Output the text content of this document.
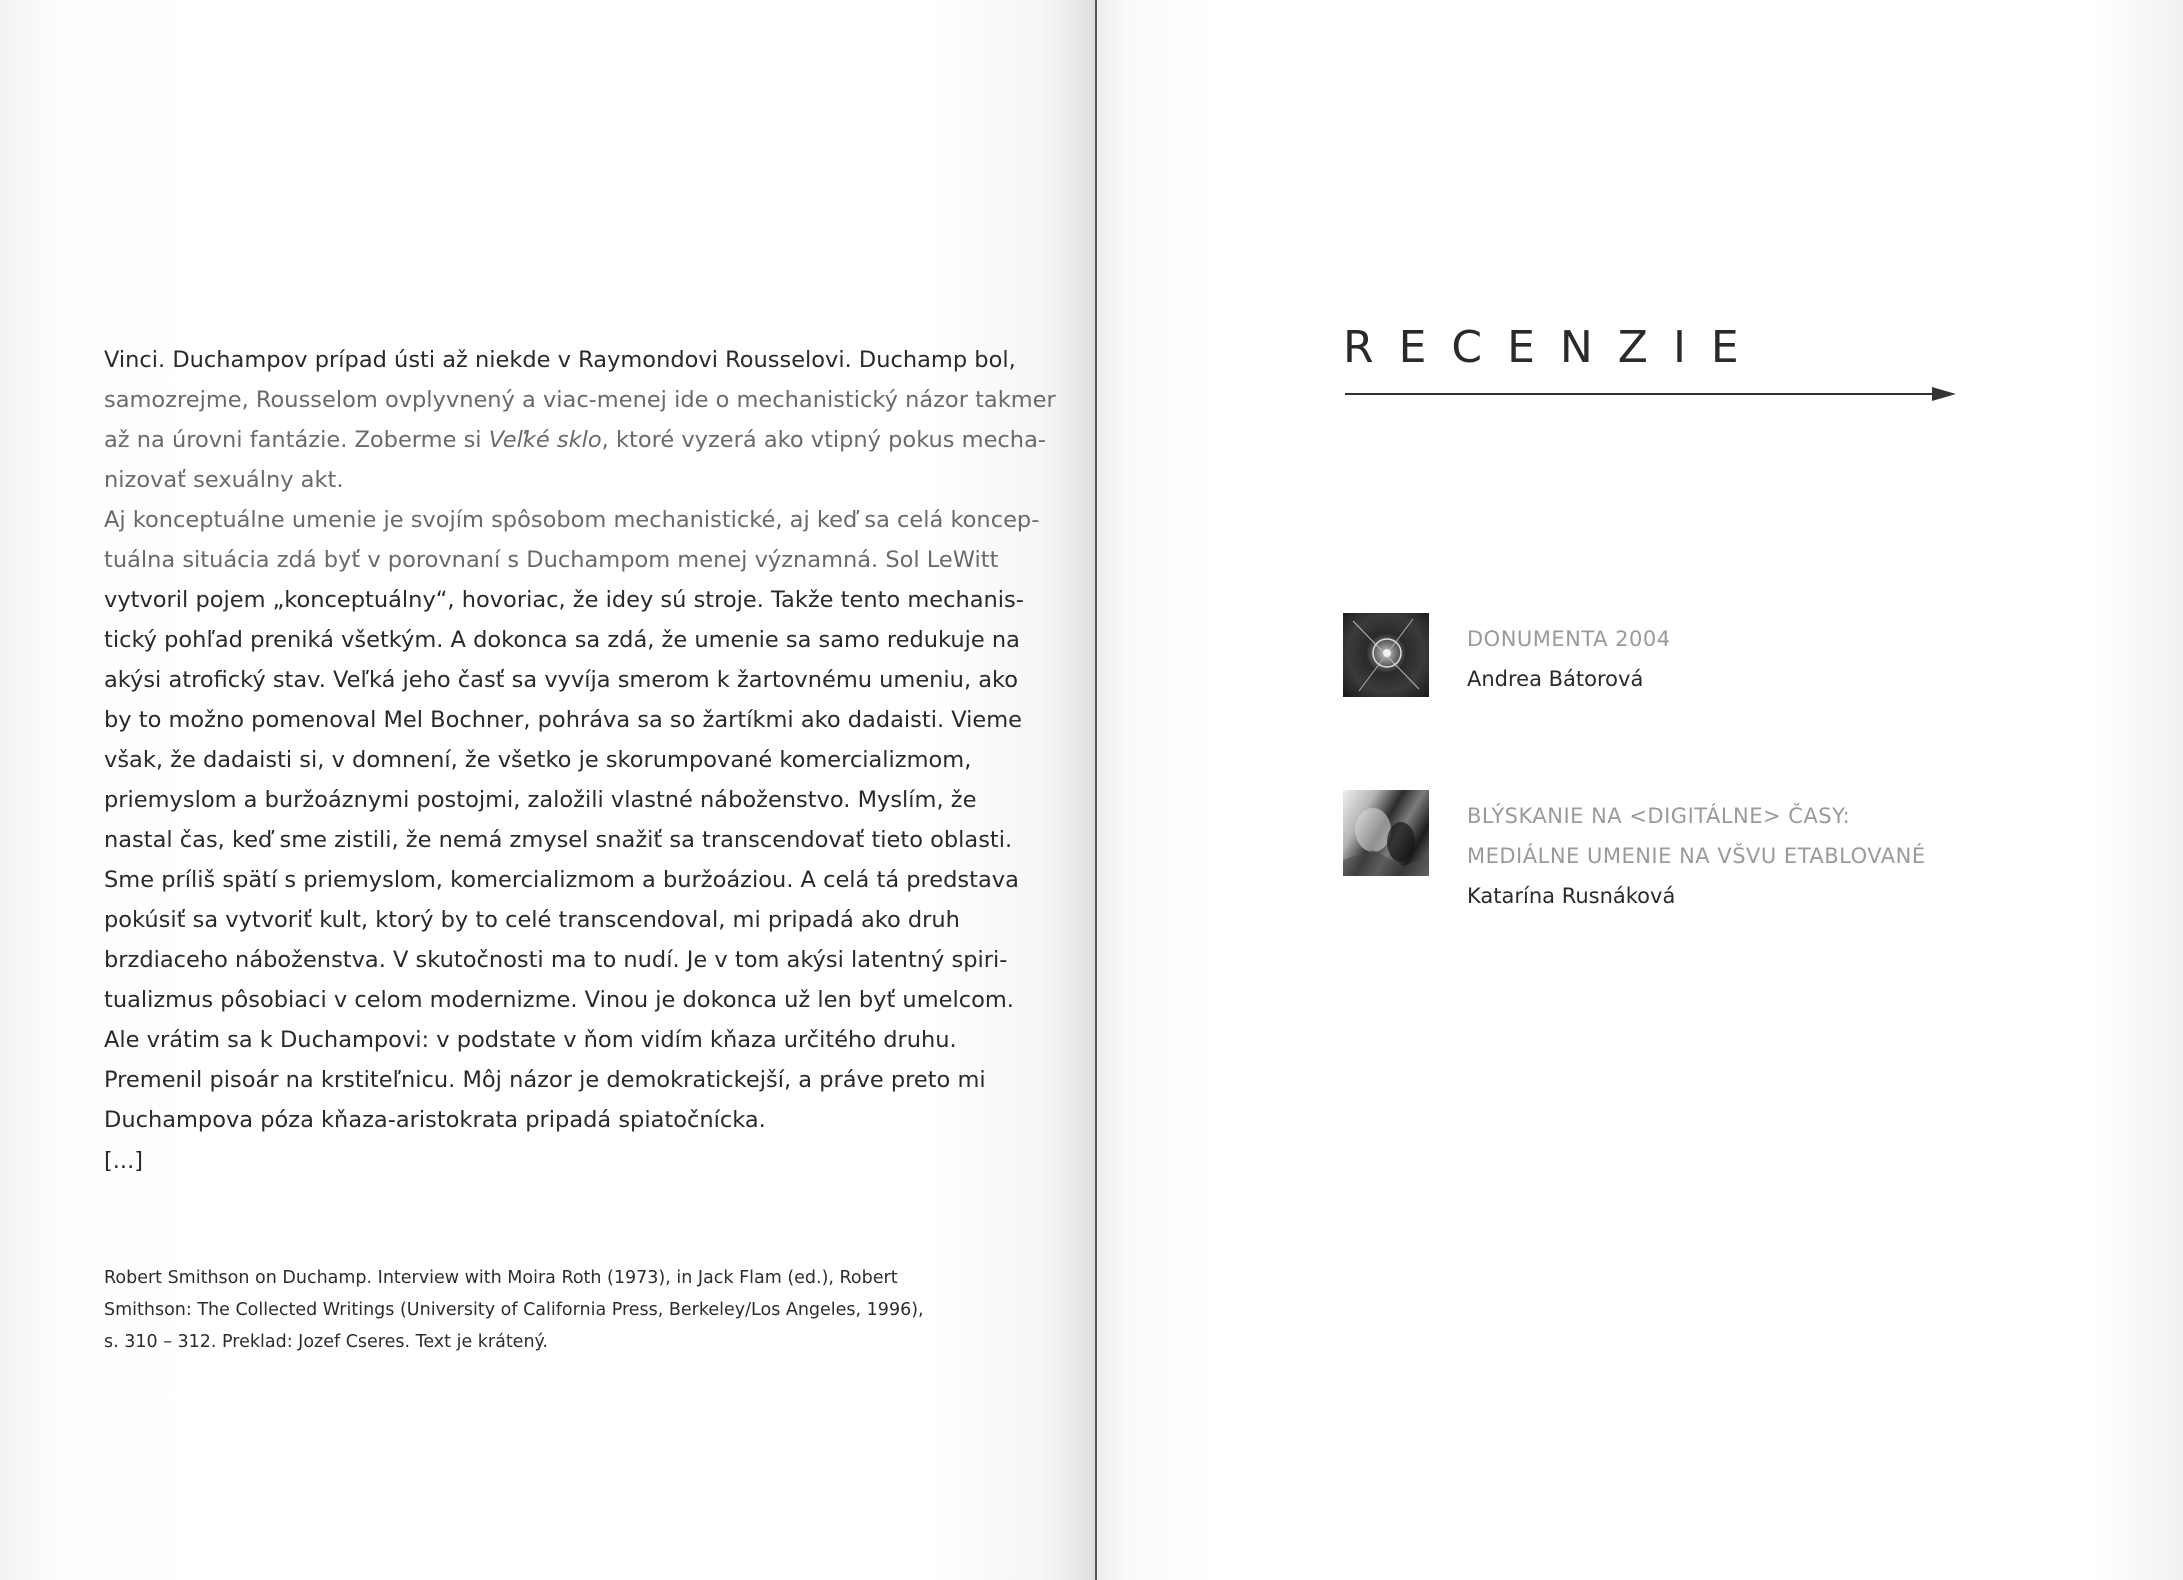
Vinci. Duchampov prípad ústi až niekde v Raymondovi Rousselovi. Duchamp bol,

samozrejme, Rousselom ovplyvnený a viac-menej ide o mechanistický názor takmer

až na úrovni fantázie. Zoberme si Veľké sklo, ktoré vyzerá ako vtipný pokus mecha-

nizovať sexuálny akt.

Aj konceptuálne umenie je svojím spôsobom mechanistické, aj keď sa celá koncep-

tuálna situácia zdá byť v porovnaní s Duchampom menej významná. Sol LeWitt

vytvoril pojem „konceptuálny“, hovoriac, že idey sú stroje. Takže tento mechanis-

tický pohľad preniká všetkým. A dokonca sa zdá, že umenie sa samo redukuje na

akýsi atrofický stav. Veľká jeho časť sa vyvíja smerom k žartovnému umeniu, ako

by to možno pomenoval Mel Bochner, pohráva sa so žartíkmi ako dadaisti. Vieme

však, že dadaisti si, v domnení, že všetko je skorumpované komercializmom,

priemyslom a buržoáznymi postojmi, založili vlastné náboženstvo. Myslím, že

nastal čas, keď sme zistili, že nemá zmysel snažiť sa transcendovať tieto oblasti.

Sme príliš spätí s priemyslom, komercializmom a buržoáziou. A celá tá predstava

pokúsiť sa vytvoriť kult, ktorý by to celé transcendoval, mi pripadá ako druh

brzdiaceho náboženstva. V skutočnosti ma to nudí. Je v tom akýsi latentný spiri-

tualizmus pôsobiaci v celom modernizme. Vinou je dokonca už len byť umelcom.

Ale vrátim sa k Duchampovi: v podstate v ňom vidím kňaza určitého druhu.

Premenil pisoár na krstiteľnicu. Môj názor je demokratickejší, a práve preto mi

Duchampova póza kňaza-aristokrata pripadá spiatočnícka.

[...]

Robert Smithson on Duchamp. Interview with Moira Roth (1973), in Jack Flam (ed.), Robert

Smithson: The Collected Writings (University of California Press, Berkeley/Los Angeles, 1996),

s. 310 – 312. Preklad: Jozef Cseres. Text je krátený.

RECENZIE

DONUMENTA 2004

Andrea Bátorová

BLÝSKANIE NA <DIGITÁLNE> ČASY:

MEDIÁLNE UMENIE NA VŠVU ETABLOVANÉ

Katarína Rusnáková
